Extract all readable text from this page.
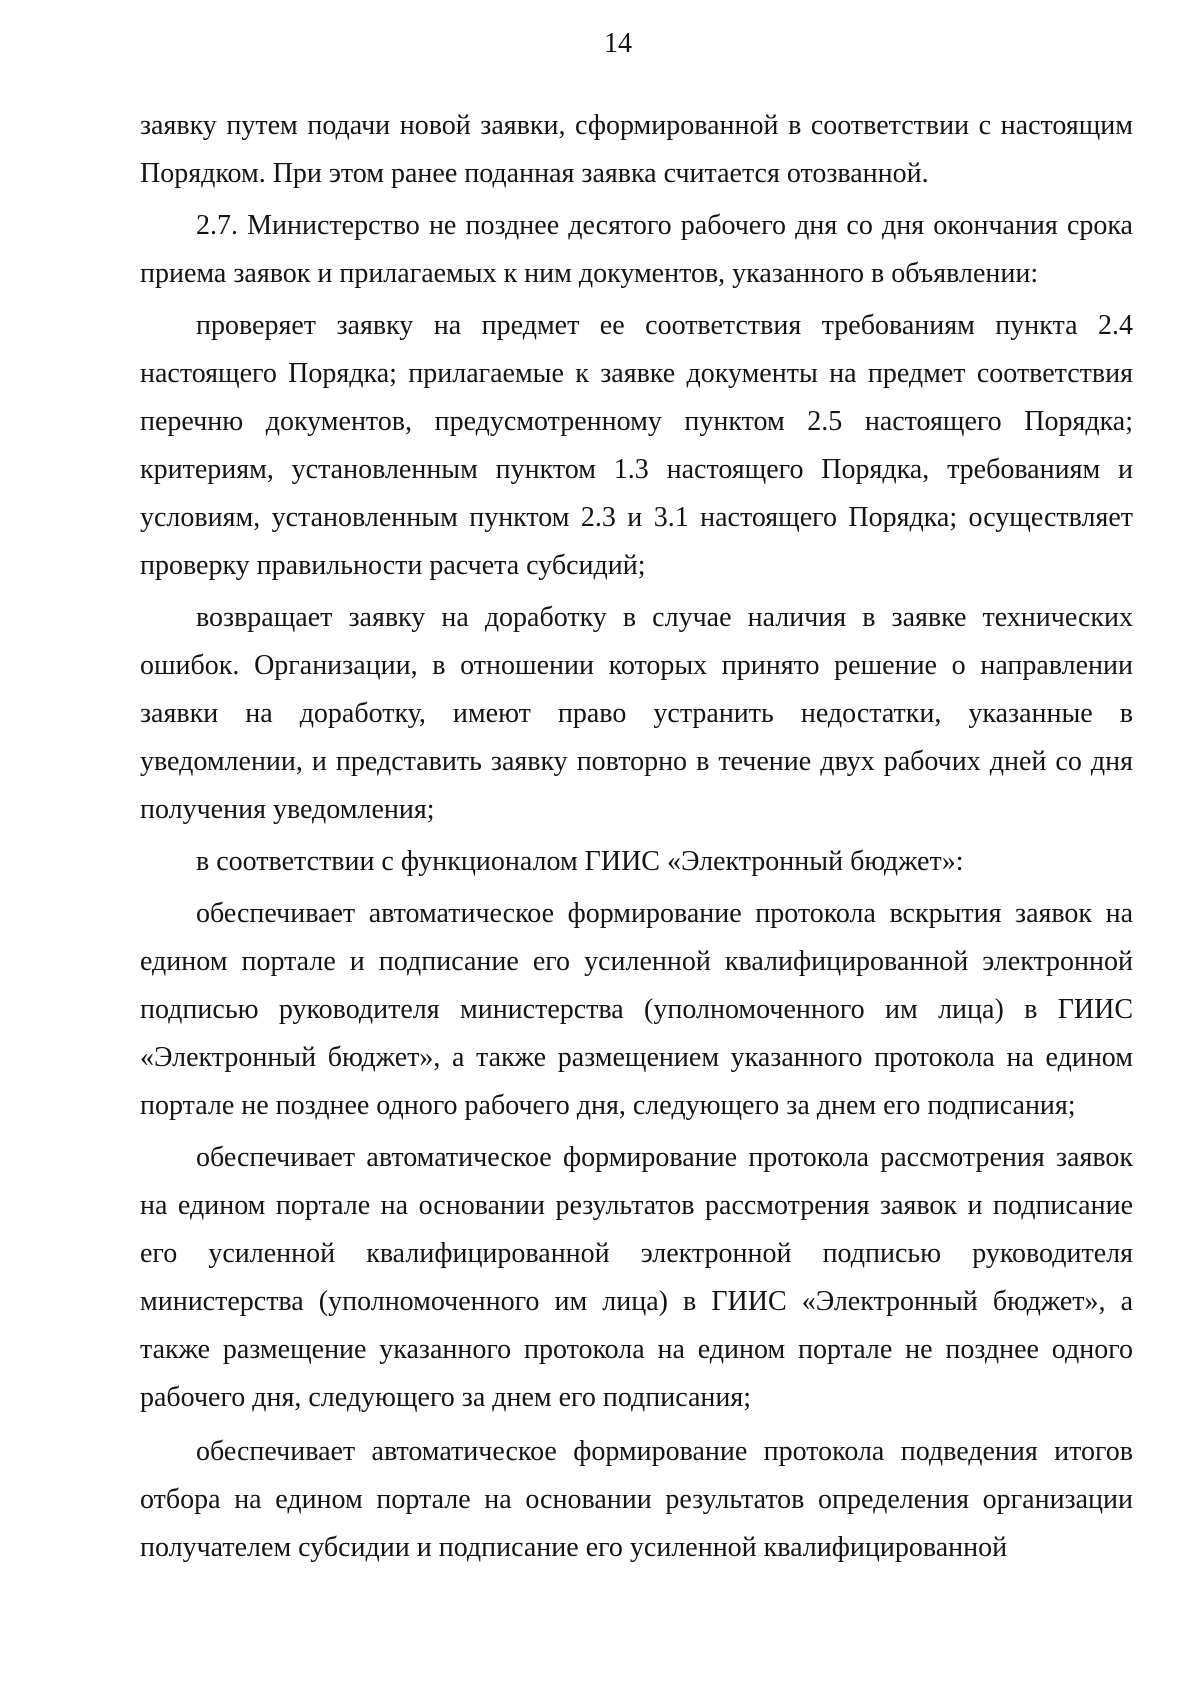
14

заявку путем подачи новой заявки, сформированной в соответствии с настоящим Порядком. При этом ранее поданная заявка считается отозванной.

2.7. Министерство не позднее десятого рабочего дня со дня окончания срока приема заявок и прилагаемых к ним документов, указанного в объявлении:

проверяет заявку на предмет ее соответствия требованиям пункта 2.4 настоящего Порядка; прилагаемые к заявке документы на предмет соответствия перечню документов, предусмотренному пунктом 2.5 настоящего Порядка; критериям, установленным пунктом 1.3 настоящего Порядка, требованиям и условиям, установленным пунктом 2.3 и 3.1 настоящего Порядка; осуществляет проверку правильности расчета субсидий;

возвращает заявку на доработку в случае наличия в заявке технических ошибок. Организации, в отношении которых принято решение о направлении заявки на доработку, имеют право устранить недостатки, указанные в уведомлении, и представить заявку повторно в течение двух рабочих дней со дня получения уведомления;

в соответствии с функционалом ГИИС «Электронный бюджет»:

обеспечивает автоматическое формирование протокола вскрытия заявок на едином портале и подписание его усиленной квалифицированной электронной подписью руководителя министерства (уполномоченного им лица) в ГИИС «Электронный бюджет», а также размещением указанного протокола на едином портале не позднее одного рабочего дня, следующего за днем его подписания;

обеспечивает автоматическое формирование протокола рассмотрения заявок на едином портале на основании результатов рассмотрения заявок и подписание его усиленной квалифицированной электронной подписью руководителя министерства (уполномоченного им лица) в ГИИС «Электронный бюджет», а также размещение указанного протокола на едином портале не позднее одного рабочего дня, следующего за днем его подписания;

обеспечивает автоматическое формирование протокола подведения итогов отбора на едином портале на основании результатов определения организации получателем субсидии и подписание его усиленной квалифицированной
